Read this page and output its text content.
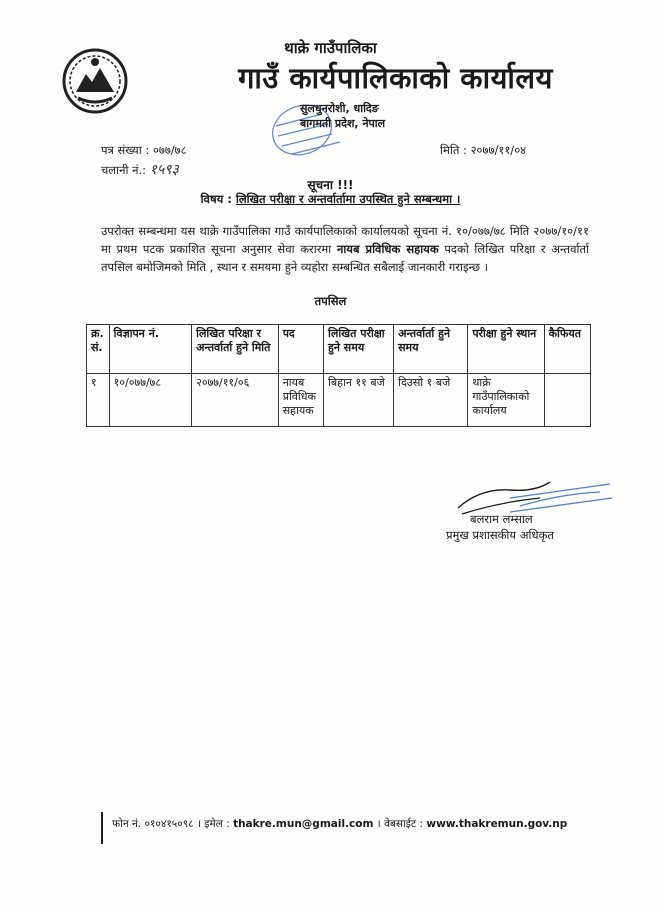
थाक्रे गाउँपालिका
गाउँ कार्यपालिकाको कार्यालय
सुलधुनरोशी, धादिङ
बागमती प्रदेश, नेपाल
पत्र संख्या : ०७७/७८
चलानी नं.: १५९३
मिति : २०७७/११/०४
सूचना !!!
विषय : लिखित परीक्षा र अन्तर्वार्तामा उपस्थित हुने सम्बन्धमा ।
उपरोक्त सम्बन्धमा यस थाक्रे गाउँपालिका गाउँ कार्यपालिकाको कार्यालयको सूचना नं. १०/०७७/७८ मिति २०७७/१०/११ मा प्रथम पटक प्रकाशित सूचना अनुसार सेवा करारमा नायब प्रविधिक सहायक पदको लिखित परिक्षा र अन्तर्वार्ता तपसिल बमोजिमको मिति , स्थान र समयमा हुने व्यहोरा सम्बन्धित सबैलाई जानकारी गराइन्छ ।
तपसिल
क्र. सं.	विज्ञापन नं.	लिखित परिक्षा र अन्तर्वार्ता हुने मिति	पद	लिखित परीक्षा हुने समय	अन्तर्वार्ता हुने समय	परीक्षा हुने स्थान	कैफियत
१	१०/०७७/७८	२०७७/११/०६	नायब प्रविधिक सहायक	बिहान ११ बजे	दिउसो १ बजे	थाक्रे गाउँपालिकाको कार्यालय	
बलराम लम्साल
प्रमुख प्रशासकीय अधिकृत
फोन नं. ०१०४१५०९८ । इमेल : thakre.mun@gmail.com । वेबसाईट : www.thakremun.gov.np
